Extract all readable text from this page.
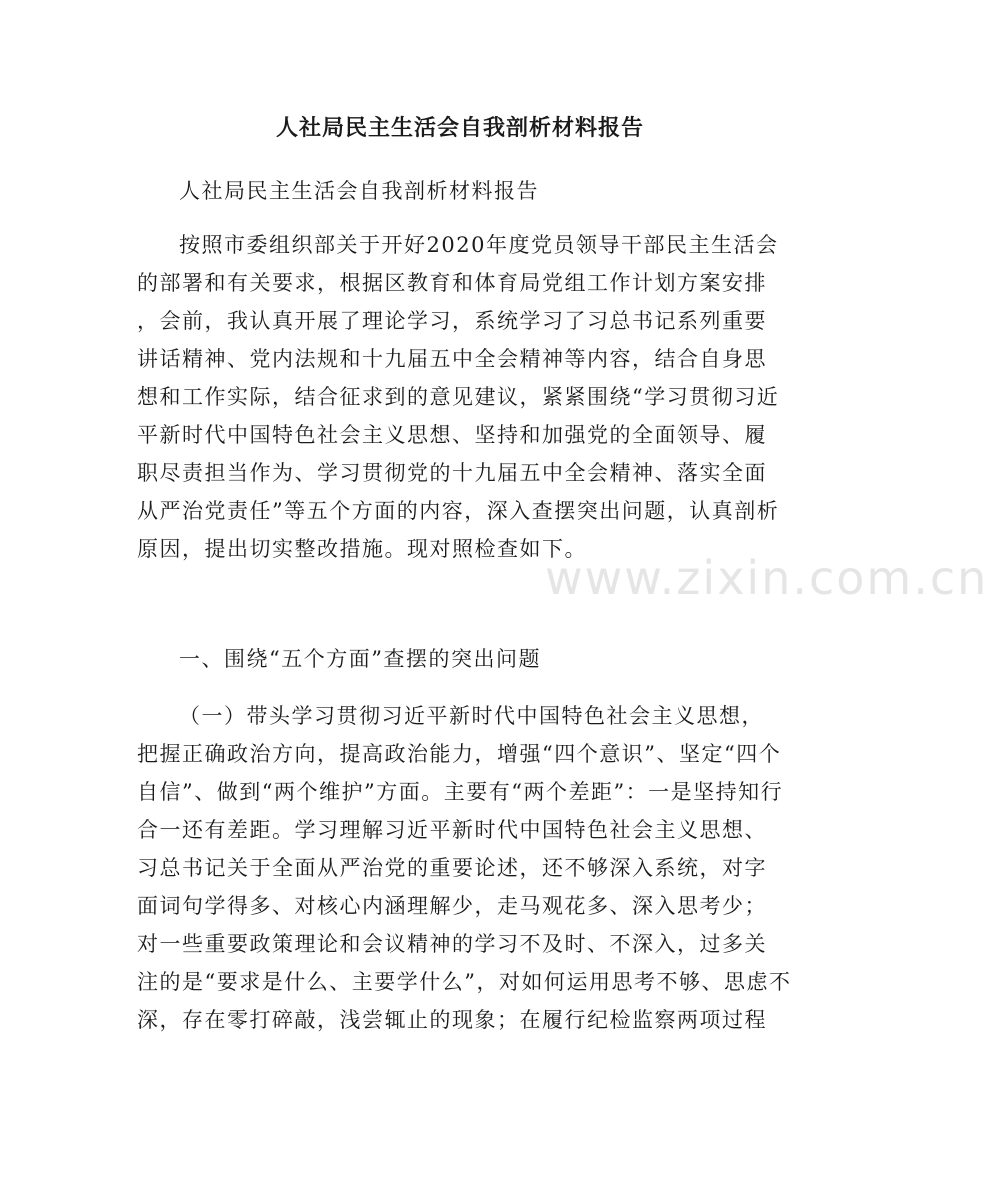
人社局民主生活会自我剖析材料报告
人社局民主生活会自我剖析材料报告
按照市委组织部关于开好2020年度党员领导干部民主生活会
的部署和有关要求，根据区教育和体育局党组工作计划方案安排
，会前，我认真开展了理论学习，系统学习了习总书记系列重要
讲话精神、党内法规和十九届五中全会精神等内容，结合自身思
想和工作实际，结合征求到的意见建议，紧紧围绕“学习贯彻习近
平新时代中国特色社会主义思想、坚持和加强党的全面领导、履
职尽责担当作为、学习贯彻党的十九届五中全会精神、落实全面
从严治党责任”等五个方面的内容，深入查摆突出问题，认真剖析
原因，提出切实整改措施。现对照检查如下。
一、围绕“五个方面”查摆的突出问题
（一）带头学习贯彻习近平新时代中国特色社会主义思想，
把握正确政治方向，提高政治能力，增强“四个意识”、坚定“四个
自信”、做到“两个维护”方面。主要有“两个差距”：一是坚持知行
合一还有差距。学习理解习近平新时代中国特色社会主义思想、
习总书记关于全面从严治党的重要论述，还不够深入系统，对字
面词句学得多、对核心内涵理解少，走马观花多、深入思考少；
对一些重要政策理论和会议精神的学习不及时、不深入，过多关
注的是“要求是什么、主要学什么”，对如何运用思考不够、思虑不
深，存在零打碎敲，浅尝辄止的现象；在履行纪检监察两项过程
www.zixin.com.cn
